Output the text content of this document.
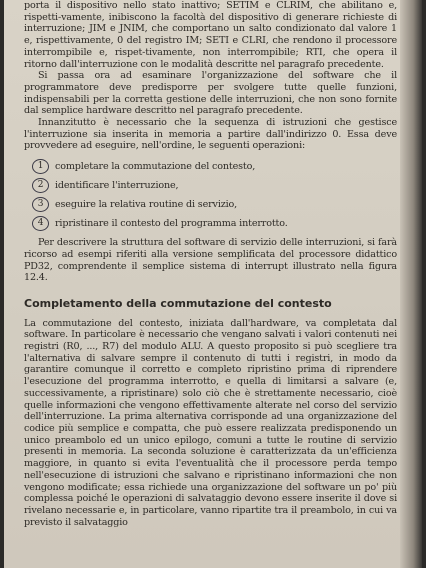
porta il dispositivo nello stato inattivo; SETIM e CLRIM, che abilitano e, rispetti-vamente, inibiscono la facoltà del dispositivo di generare richieste di interruzione; JIM e JNIM, che comportano un salto condizionato dal valore 1 e, rispettivamente, 0 del registro IM; SETI e CLRI, che rendono il processore interrompibile e, rispet-tivamente, non interrompibile; RTI, che opera il ritorno dall'interruzione con le modalità descritte nel paragrafo precedente.

Si passa ora ad esaminare l'organizzazione del software che il programmatore deve predisporre per svolgere tutte quelle funzioni, indispensabili per la corretta gestione delle interruzioni, che non sono fornite dal semplice hardware descritto nel paragrafo precedente.

Innanzitutto è necessario che la sequenza di istruzioni che gestisce l'interruzione sia inserita in memoria a partire dall'indirizzo 0. Essa deve provvedere ad eseguire, nell'ordine, le seguenti operazioni:

1	completare la commutazione del contesto,
2	identificare l'interruzione,
3	eseguire la relativa routine di servizio,
4	ripristinare il contesto del programma interrotto.

Per descrivere la struttura del software di servizio delle interruzioni, si farà ricorso ad esempi riferiti alla versione semplificata del processore didattico PD32, comprendente il semplice sistema di interrupt illustrato nella figura 12.4.

Completamento della commutazione del contesto

La commutazione del contesto, iniziata dall'hardware, va completata dal software. In particolare è necessario che vengano salvati i valori contenuti nei registri (R0, ..., R7) del modulo ALU. A questo proposito si può scegliere tra l'alternativa di salvare sempre il contenuto di tutti i registri, in modo da garantire comunque il corretto e completo ripristino prima di riprendere l'esecuzione del programma interrotto, e quella di limitarsi a salvare (e, successivamente, a ripristinare) solo ciò che è strettamente necessario, cioè quelle informazioni che vengono effettivamente alterate nel corso del servizio dell'interruzione. La prima alternativa corrisponde ad una organizzazione del codice più semplice e compatta, che può essere realizzata predisponendo un unico preambolo ed un unico epilogo, comuni a tutte le routine di servizio presenti in memoria. La seconda soluzione è caratterizzata da un'efficienza maggiore, in quanto si evita l'eventualità che il processore perda tempo nell'esecuzione di istruzioni che salvano e ripristinano informazioni che non vengono modificate; essa richiede una organizzazione del software un po' più complessa poiché le operazioni di salvataggio devono essere inserite il dove si rivelano necessarie e, in particolare, vanno ripartite tra il preambolo, in cui va previsto il salvataggio
